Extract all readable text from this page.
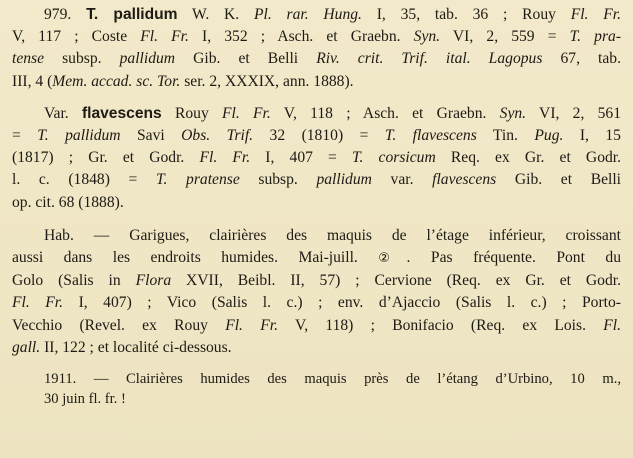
979. T. pallidum W. K. Pl. rar. Hung. I, 35, tab. 36 ; Rouy Fl. Fr.
V, 117 ; Coste Fl. Fr. I, 352 ; Asch. et Graebn. Syn. VI, 2, 559 = T. pra-
tense subsp. pallidum Gib. et Belli Riv. crit. Trif. ital. Lagopus 67, tab.
III, 4 (Mem. accad. sc. Tor. ser. 2, XXXIX, ann. 1888).

Var. flavescens Rouy Fl. Fr. V, 118 ; Asch. et Graebn. Syn. VI, 2, 561
= T. pallidum Savi Obs. Trif. 32 (1810) = T. flavescens Tin. Pug. I, 15
(1817) ; Gr. et Godr. Fl. Fr. I, 407 = T. corsicum Req. ex Gr. et Godr.
l. c. (1848) = T. pratense subsp. pallidum var. flavescens Gib. et Belli
op. cit. 68 (1888).

Hab. — Garigues, clairières des maquis de l’étage inférieur, croissant
aussi dans les endroits humides. Mai-juill. ②. Pas fréquente. Pont du
Golo (Salis in Flora XVII, Beibl. II, 57) ; Cervione (Req. ex Gr. et Godr.
Fl. Fr. I, 407) ; Vico (Salis l. c.) ; env. d’Ajaccio (Salis l. c.) ; Porto-
Vecchio (Revel. ex Rouy Fl. Fr. V, 118) ; Bonifacio (Req. ex Lois. Fl.
gall. II, 122 ; et localité ci-dessous.

1911. — Clairières humides des maquis près de l’étang d’Urbino, 10 m.,
30 juin fl. fr. !
